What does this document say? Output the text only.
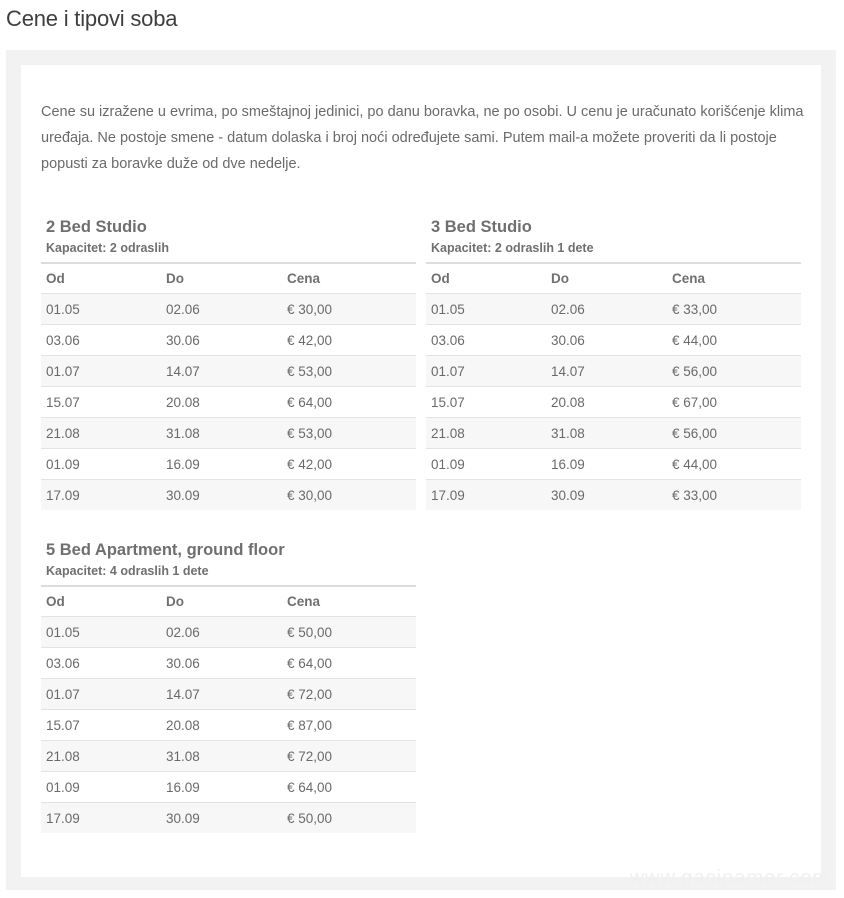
Cene i tipovi soba

Cene su izražene u evrima, po smeštajnoj jedinici, po danu boravka, ne po osobi. U cenu je uračunato korišćenje klima uređaja. Ne postoje smene - datum dolaska i broj noći određujete sami. Putem mail-a možete proveriti da li postoje popusti za boravke duže od dve nedelje.

2 Bed Studio
Kapacitet: 2 odraslih
Od	Do	Cena
01.05	02.06	€ 30,00
03.06	30.06	€ 42,00
01.07	14.07	€ 53,00
15.07	20.08	€ 64,00
21.08	31.08	€ 53,00
01.09	16.09	€ 42,00
17.09	30.09	€ 30,00
3 Bed Studio
Kapacitet: 2 odraslih 1 dete
Od	Do	Cena
01.05	02.06	€ 33,00
03.06	30.06	€ 44,00
01.07	14.07	€ 56,00
15.07	20.08	€ 67,00
21.08	31.08	€ 56,00
01.09	16.09	€ 44,00
17.09	30.09	€ 33,00
5 Bed Apartment, ground floor
Kapacitet: 4 odraslih 1 dete
Od	Do	Cena
01.05	02.06	€ 50,00
03.06	30.06	€ 64,00
01.07	14.07	€ 72,00
15.07	20.08	€ 87,00
21.08	31.08	€ 72,00
01.09	16.09	€ 64,00
17.09	30.09	€ 50,00
www.gacinamer.com
